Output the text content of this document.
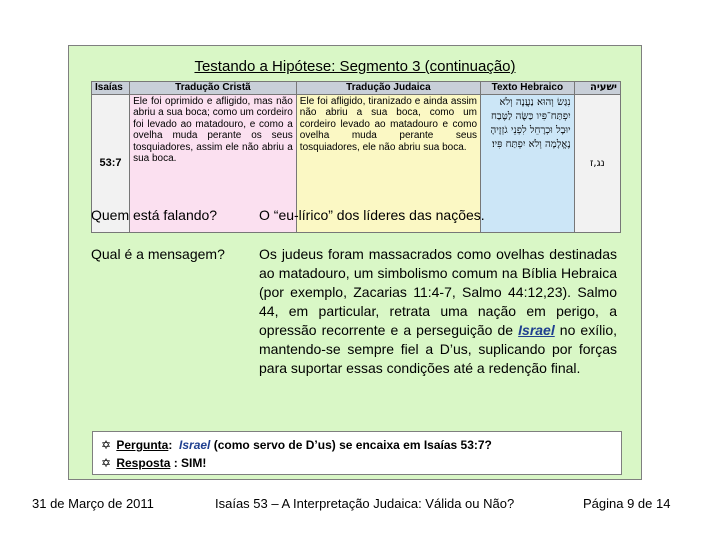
Testando a Hipótese: Segmento 3 (continuação)
Isaías	Tradução Cristã	Tradução Judaica	Texto Hebraico	ישעיה
53:7	Ele foi oprimido e afligido, mas não abriu a sua boca; como um cordeiro foi levado ao matadouro, e como a ovelha muda perante os seus tosquiadores, assim ele não abriu a sua boca.	Ele foi afligido, tiranizado e ainda assim não abriu a sua boca, como um cordeiro levado ao matadouro e como ovelha muda perante seus tosquiadores, ele não abriu sua boca.	נִגַּשׂ וְהוּא נַעֲנֶה וְלֹא יִפְתַּח־פִּיו כַּשֶּׂה לַטֶּבַח יוּבָל וּכְרָחֵל לִפְנֵי גֹזְזֶיהָ נֶאֱלָמָה וְלֹא יִפְתַּח פִּיו׃	נג,ז
Quem está falando?	O “eu-lírico” dos líderes das nações.
Qual é a mensagem? Os judeus foram massacrados como ovelhas destinadas ao matadouro, um simbolismo comum na Bíblia Hebraica (por exemplo, Zacarias 11:4-7, Salmo 44:12,23). Salmo 44, em particular, retrata uma nação em perigo, a opressão recorrente e a perseguição de Israel no exílio, mantendo-se sempre fiel a D’us, suplicando por forças para suportar essas condições até a redenção final.
✡ Pergunta: Israel (como servo de D’us) se encaixa em Isaías 53:7?
✡ Resposta : SIM!
31 de Março de 2011	Isaías 53 – A Interpretação Judaica: Válida ou Não?	Página 9 de 14
